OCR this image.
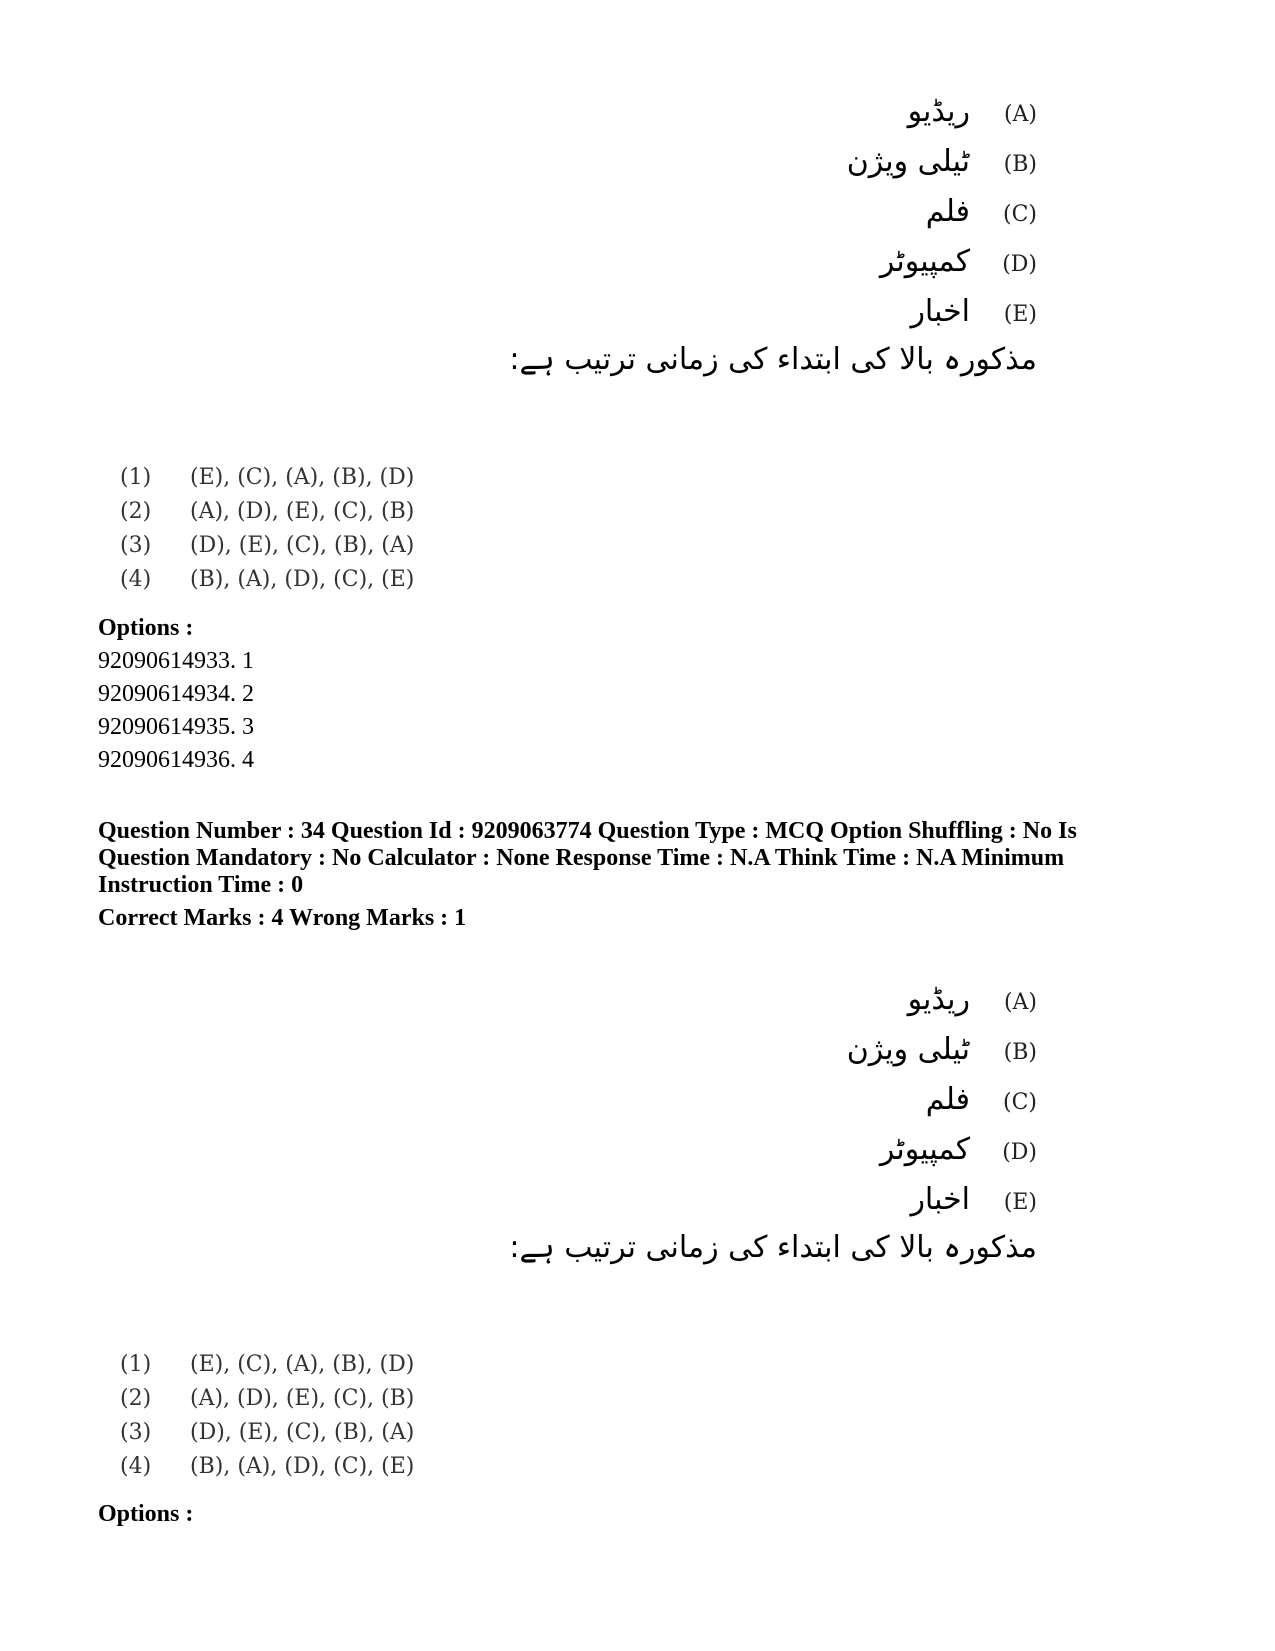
ریڈیو (A)
ٹیلی ویژن (B)
فلم (C)
کمپیوٹر (D)
اخبار (E)
مذکورہ بالا کی ابتداء کی زمانی ترتیب ہے:
(1) (E), (C), (A), (B), (D)
(2) (A), (D), (E), (C), (B)
(3) (D), (E), (C), (B), (A)
(4) (B), (A), (D), (C), (E)
Options :
92090614933. 1
92090614934. 2
92090614935. 3
92090614936. 4
Question Number : 34 Question Id : 9209063774 Question Type : MCQ Option Shuffling : No Is Question Mandatory : No Calculator : None Response Time : N.A Think Time : N.A Minimum Instruction Time : 0
Correct Marks : 4 Wrong Marks : 1
ریڈیو (A)
ٹیلی ویژن (B)
فلم (C)
کمپیوٹر (D)
اخبار (E)
مذکورہ بالا کی ابتداء کی زمانی ترتیب ہے:
(1) (E), (C), (A), (B), (D)
(2) (A), (D), (E), (C), (B)
(3) (D), (E), (C), (B), (A)
(4) (B), (A), (D), (C), (E)
Options :
